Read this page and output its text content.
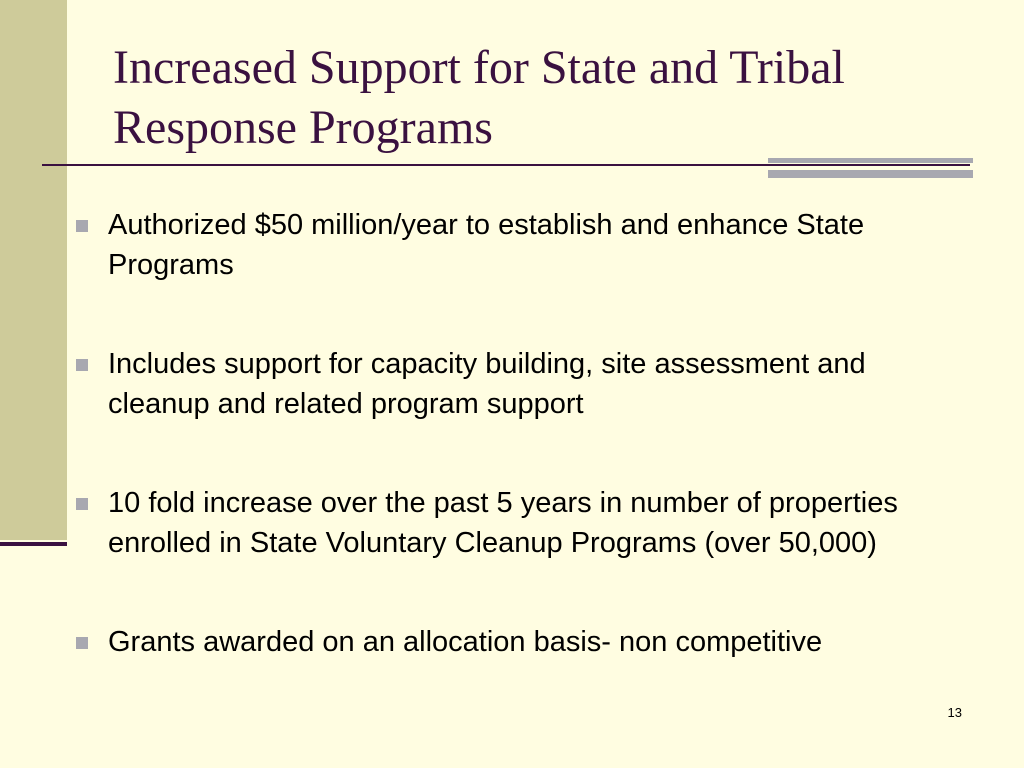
Increased Support for State and Tribal Response Programs
Authorized $50 million/year to establish and enhance State Programs
Includes support for capacity building, site assessment and cleanup and related program support
10 fold increase over the past 5 years in number of properties enrolled in State Voluntary Cleanup Programs (over 50,000)
Grants awarded on an allocation basis- non competitive
13
